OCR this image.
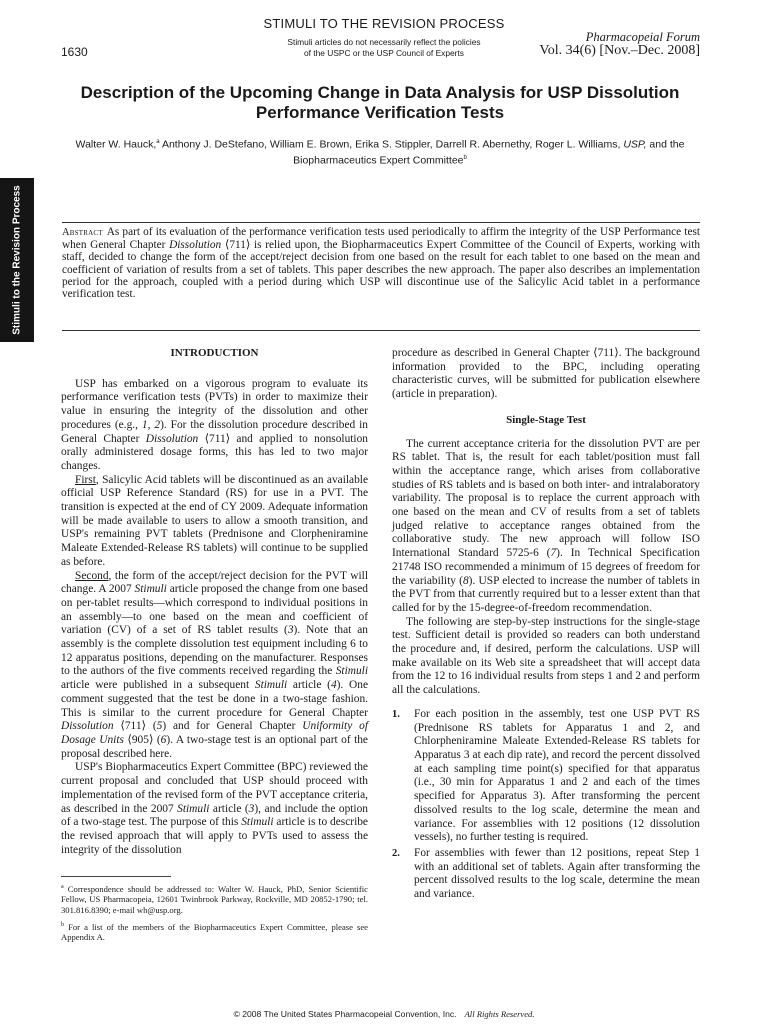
STIMULI TO THE REVISION PROCESS
Stimuli articles do not necessarily reflect the policies
of the USPC or the USP Council of Experts
1630
Pharmacopeial Forum
Vol. 34(6) [Nov.–Dec. 2008]
Stimuli to the Revision Process
Description of the Upcoming Change in Data Analysis for USP Dissolution
Performance Verification Tests
Walter W. Hauck,$^a$ Anthony J. DeStefano, William E. Brown, Erika S. Stippler, Darrell R. Abernethy, Roger L. Williams, USP, and the
Biopharmaceutics Expert Committee$^b$
Abstract As part of its evaluation of the performance verification tests used periodically to affirm the integrity of the USP Performance test when General Chapter Dissolution ⟨711⟩ is relied upon, the Biopharmaceutics Expert Committee of the Council of Experts, working with staff, decided to change the form of the accept/reject decision from one based on the result for each tablet to one based on the mean and coefficient of variation of results from a set of tablets. This paper describes the new approach. The paper also describes an implementation period for the approach, coupled with a period during which USP will discontinue use of the Salicylic Acid tablet in a performance verification test.
INTRODUCTION

USP has embarked on a vigorous program to evaluate its performance verification tests (PVTs) in order to maximize their value in ensuring the integrity of the dissolution and other procedures (e.g., 1, 2). For the dissolution procedure described in General Chapter Dissolution ⟨711⟩ and applied to nonsolution orally administered dosage forms, this has led to two major changes.

First, Salicylic Acid tablets will be discontinued as an available official USP Reference Standard (RS) for use in a PVT. The transition is expected at the end of CY 2009. Adequate information will be made available to users to allow a smooth transition, and USP's remaining PVT tablets (Prednisone and Clorpheniramine Maleate Extended-Release RS tablets) will continue to be supplied as before.

Second, the form of the accept/reject decision for the PVT will change. A 2007 Stimuli article proposed the change from one based on per-tablet results—which correspond to individual positions in an assembly—to one based on the mean and coefficient of variation (CV) of a set of RS tablet results (3). Note that an assembly is the complete dissolution test equipment including 6 to 12 apparatus positions, depending on the manufacturer. Responses to the authors of the five comments received regarding the Stimuli article were published in a subsequent Stimuli article (4). One comment suggested that the test be done in a two-stage fashion. This is similar to the current procedure for General Chapter Dissolution ⟨711⟩ (5) and for General Chapter Uniformity of Dosage Units ⟨905⟩ (6). A two-stage test is an optional part of the proposal described here.

USP's Biopharmaceutics Expert Committee (BPC) reviewed the current proposal and concluded that USP should proceed with implementation of the revised form of the PVT acceptance criteria, as described in the 2007 Stimuli article (3), and include the option of a two-stage test. The purpose of this Stimuli article is to describe the revised approach that will apply to PVTs used to assess the integrity of the dissolution

procedure as described in General Chapter ⟨711⟩. The background information provided to the BPC, including operating characteristic curves, will be submitted for publication elsewhere (article in preparation).

Single-Stage Test

The current acceptance criteria for the dissolution PVT are per RS tablet. That is, the result for each tablet/position must fall within the acceptance range, which arises from collaborative studies of RS tablets and is based on both inter- and intralaboratory variability. The proposal is to replace the current approach with one based on the mean and CV of results from a set of tablets judged relative to acceptance ranges obtained from the collaborative study. The new approach will follow ISO International Standard 5725-6 (7). In Technical Specification 21748 ISO recommended a minimum of 15 degrees of freedom for the variability (8). USP elected to increase the number of tablets in the PVT from that currently required but to a lesser extent than that called for by the 15-degree-of-freedom recommendation.

The following are step-by-step instructions for the single-stage test. Sufficient detail is provided so readers can both understand the procedure and, if desired, perform the calculations. USP will make available on its Web site a spreadsheet that will accept data from the 12 to 16 individual results from steps 1 and 2 and perform all the calculations.

1. For each position in the assembly, test one USP PVT RS (Prednisone RS tablets for Apparatus 1 and 2, and Chlorpheniramine Maleate Extended-Release RS tablets for Apparatus 3 at each dip rate), and record the percent dissolved at each sampling time point(s) specified for that apparatus (i.e., 30 min for Apparatus 1 and 2 and each of the times specified for Apparatus 3). After transforming the percent dissolved results to the log scale, determine the mean and variance. For assemblies with 12 positions (12 dissolution vessels), no further testing is required.
2. For assemblies with fewer than 12 positions, repeat Step 1 with an additional set of tablets. Again after transforming the percent dissolved results to the log scale, determine the mean and variance.

$^a$ Correspondence should be addressed to: Walter W. Hauck, PhD, Senior Scientific Fellow, US Pharmacopeia, 12601 Twinbrook Parkway, Rockville, MD 20852-1790; tel. 301.816.8390; e-mail wh@usp.org.

$^b$ For a list of the members of the Biopharmaceutics Expert Committee, please see Appendix A.

© 2008 The United States Pharmacopeial Convention, Inc. All Rights Reserved.
